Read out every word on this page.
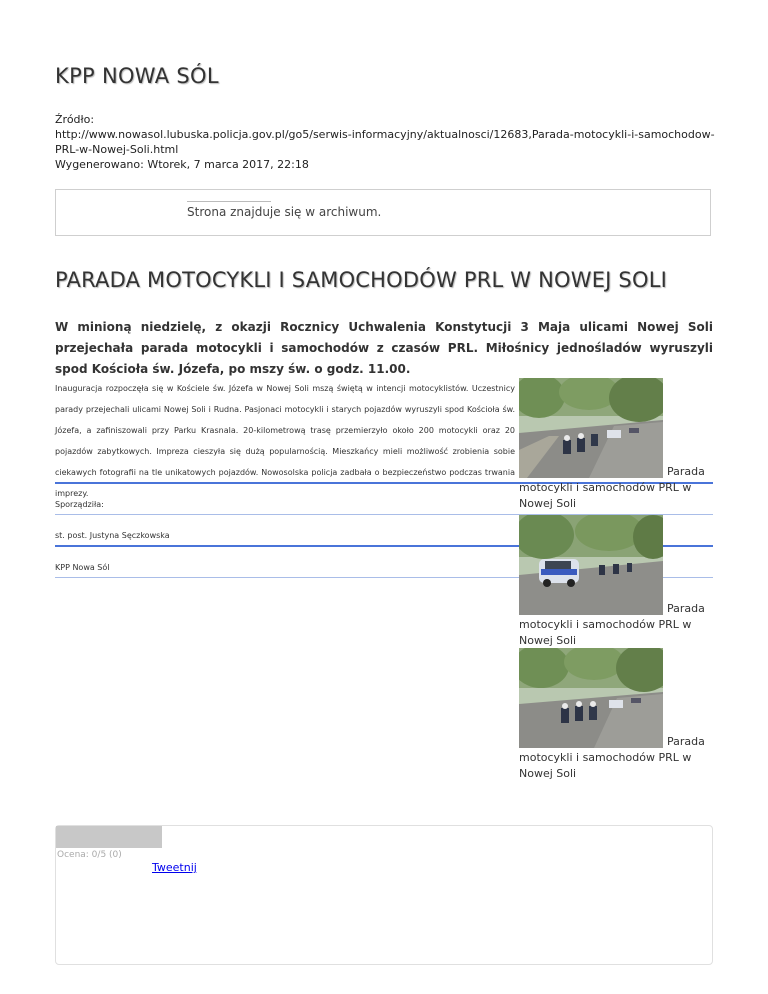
KPP NOWA SÓL
Źródło:
http://www.nowasol.lubuska.policja.gov.pl/go5/serwis-informacyjny/aktualnosci/12683,Parada-motocykli-i-samochodow-PRL-w-Nowej-Soli.html
Wygenerowano: Wtorek, 7 marca 2017, 22:18
Strona znajduje się w archiwum.
PARADA MOTOCYKLI I SAMOCHODÓW PRL W NOWEJ SOLI
W minioną niedzielę, z okazji Rocznicy Uchwalenia Konstytucji 3 Maja ulicami Nowej Soli przejechała parada motocykli i samochodów z czasów PRL. Miłośnicy jednośladów wyruszyli spod Kościoła św. Józefa, po mszy św. o godz. 11.00.
Inauguracja rozpoczęła się w Kościele św. Józefa w Nowej Soli mszą świętą w intencji motocyklistów. Uczestnicy parady przejechali ulicami Nowej Soli i Rudna. Pasjonaci motocykli i starych pojazdów wyruszyli spod Kościoła św. Józefa, a zafiniszowali przy Parku Krasnala. 20-kilometrową trasę przemierzyło około 200 motocykli oraz 20 pojazdów zabytkowych. Impreza cieszyła się dużą popularnością. Mieszkańcy mieli możliwość zrobienia sobie ciekawych fotografii na tle unikatowych pojazdów. Nowosolska policja zadbała o bezpieczeństwo podczas trwania imprezy.
Sporządziła:
st. post. Justyna Sęczkowska
KPP Nowa Sól
Parada
motocykli i samochodów PRL w Nowej Soli
Parada
motocykli i samochodów PRL w Nowej Soli
Parada
motocykli i samochodów PRL w Nowej Soli
Ocena: 0/5 (0)
Tweetnij
